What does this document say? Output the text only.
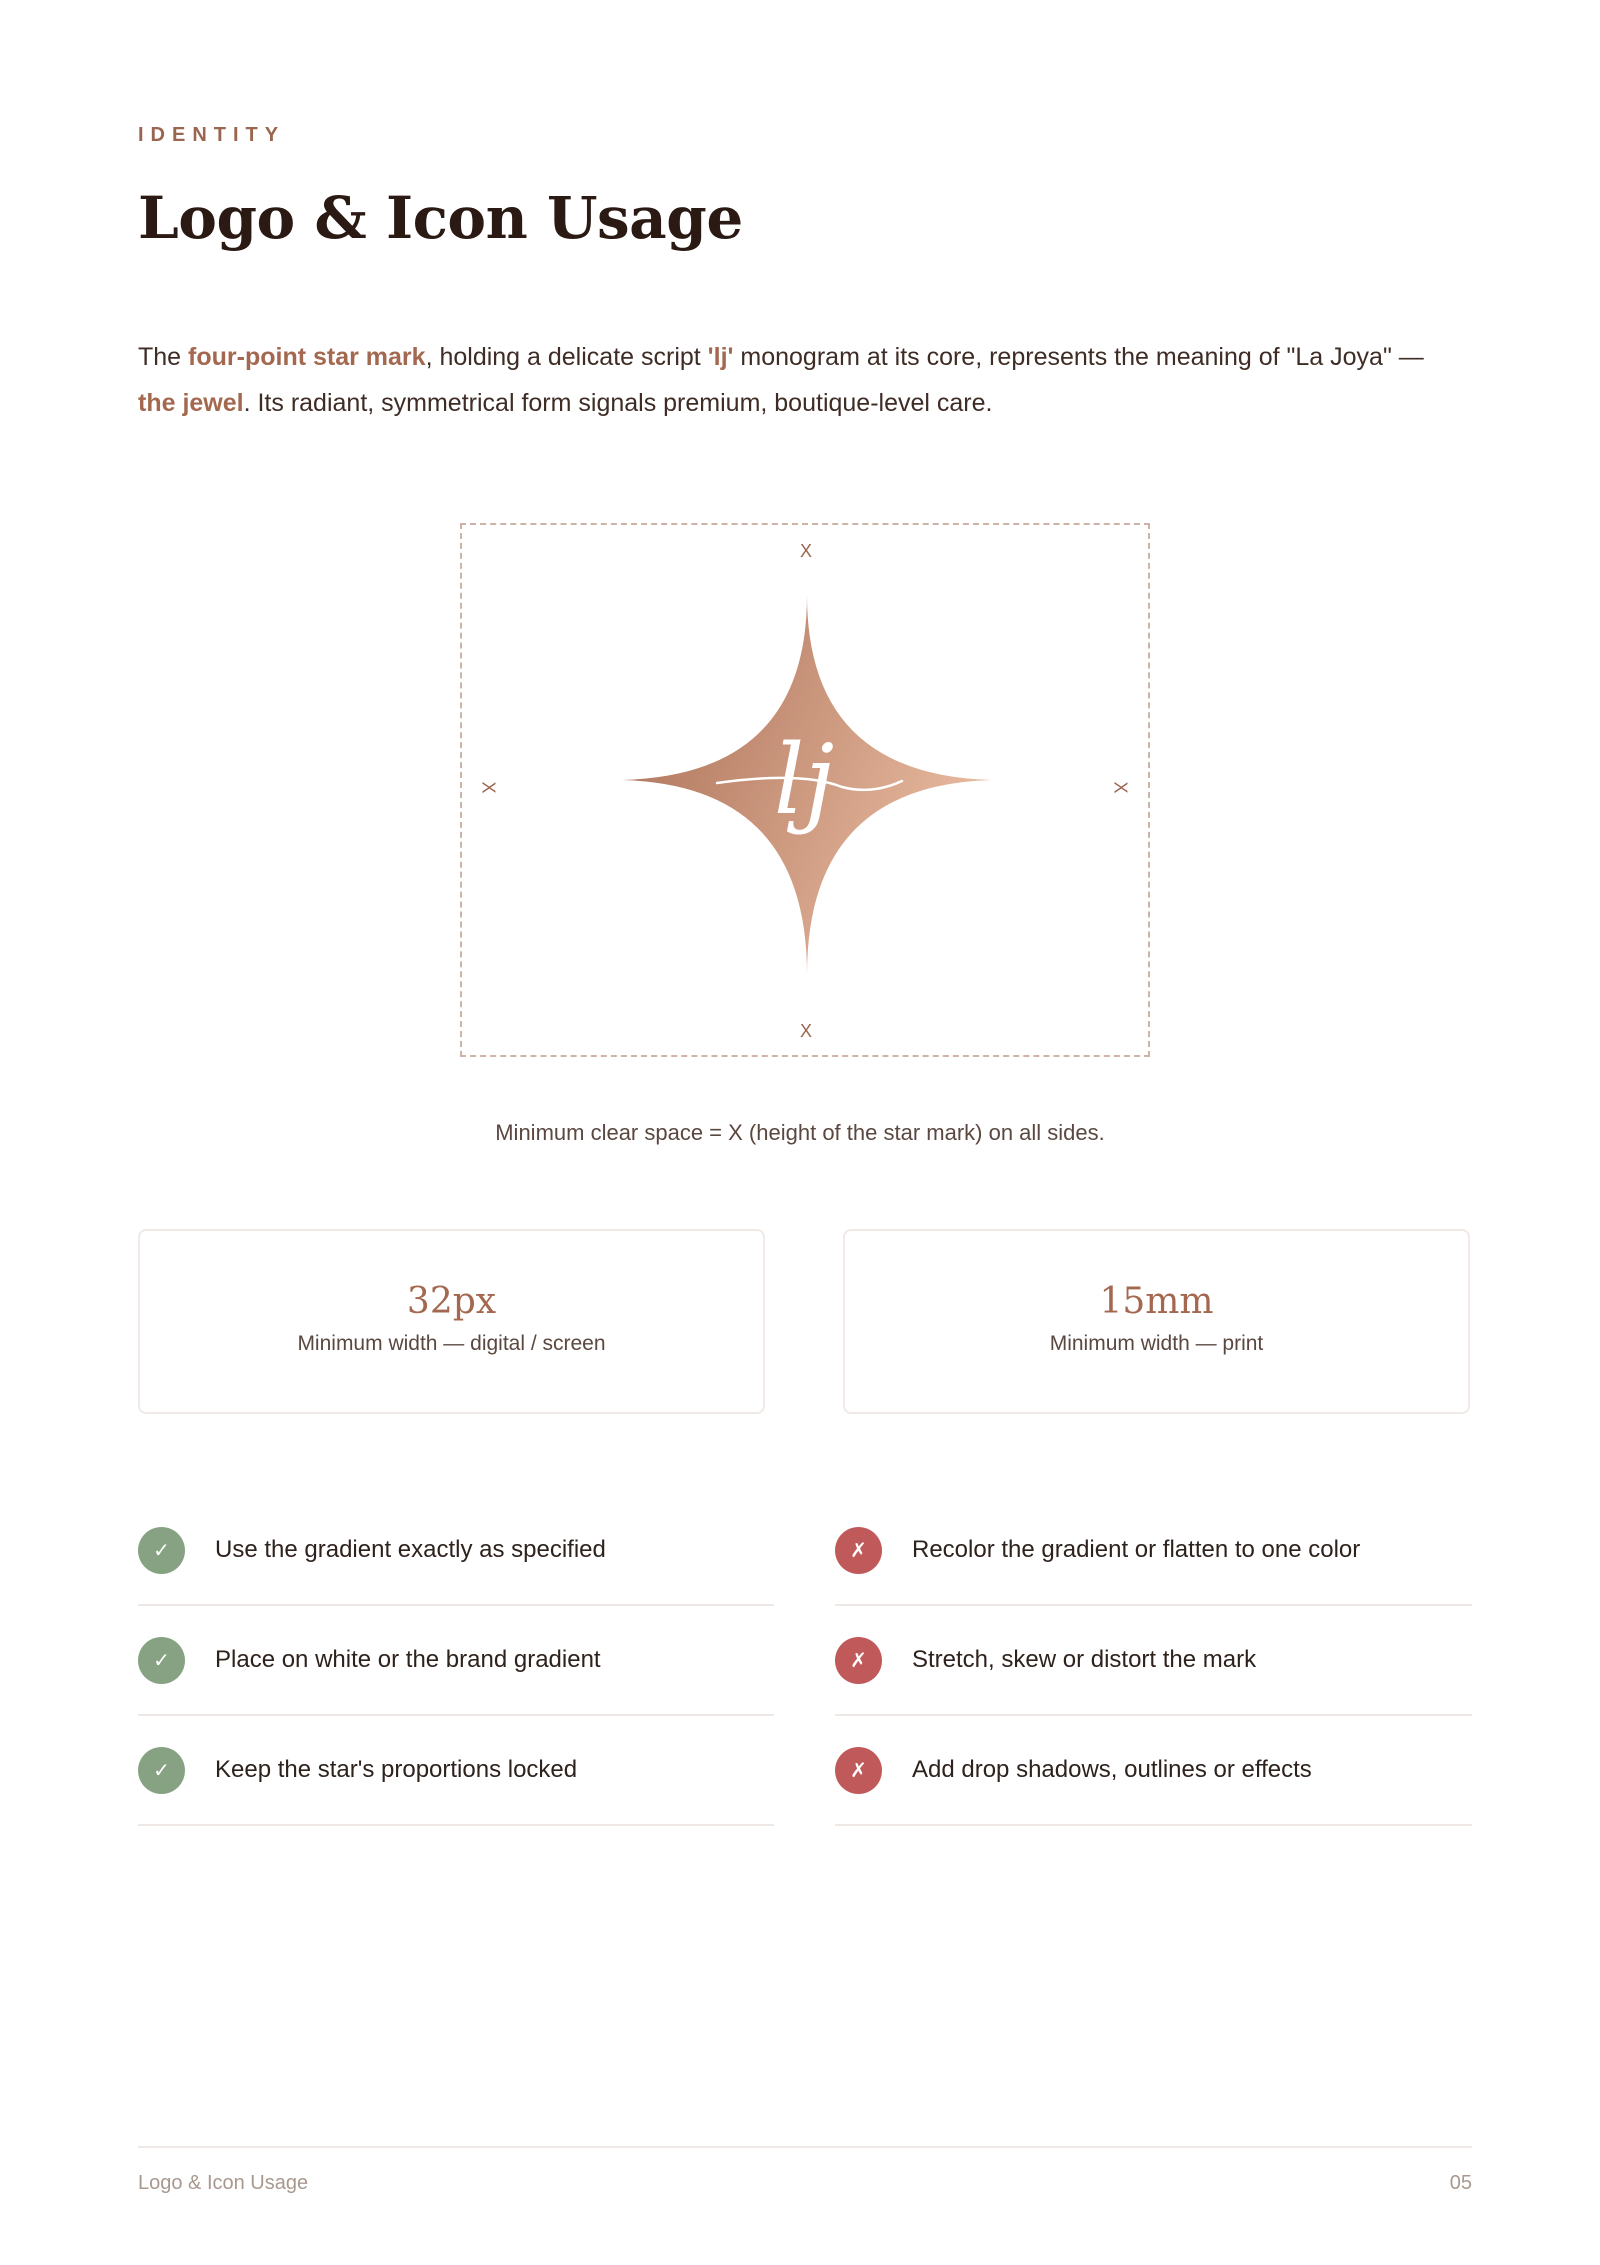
IDENTITY
Logo & Icon Usage

The four-point star mark, holding a delicate script 'lj' monogram at its core, represents the meaning of "La Joya" — the jewel. Its radiant, symmetrical form signals premium, boutique-level care.

X
X
X	X
lj
Minimum clear space = X (height of the star mark) on all sides.
32px
Minimum width — digital / screen
15mm
Minimum width — print
✓	Use the gradient exactly as specified
✓	Place on white or the brand gradient
✓	Keep the star's proportions locked
✗	Recolor the gradient or flatten to one color
✗	Stretch, skew or distort the mark
✗	Add drop shadows, outlines or effects
Logo & Icon Usage	05
